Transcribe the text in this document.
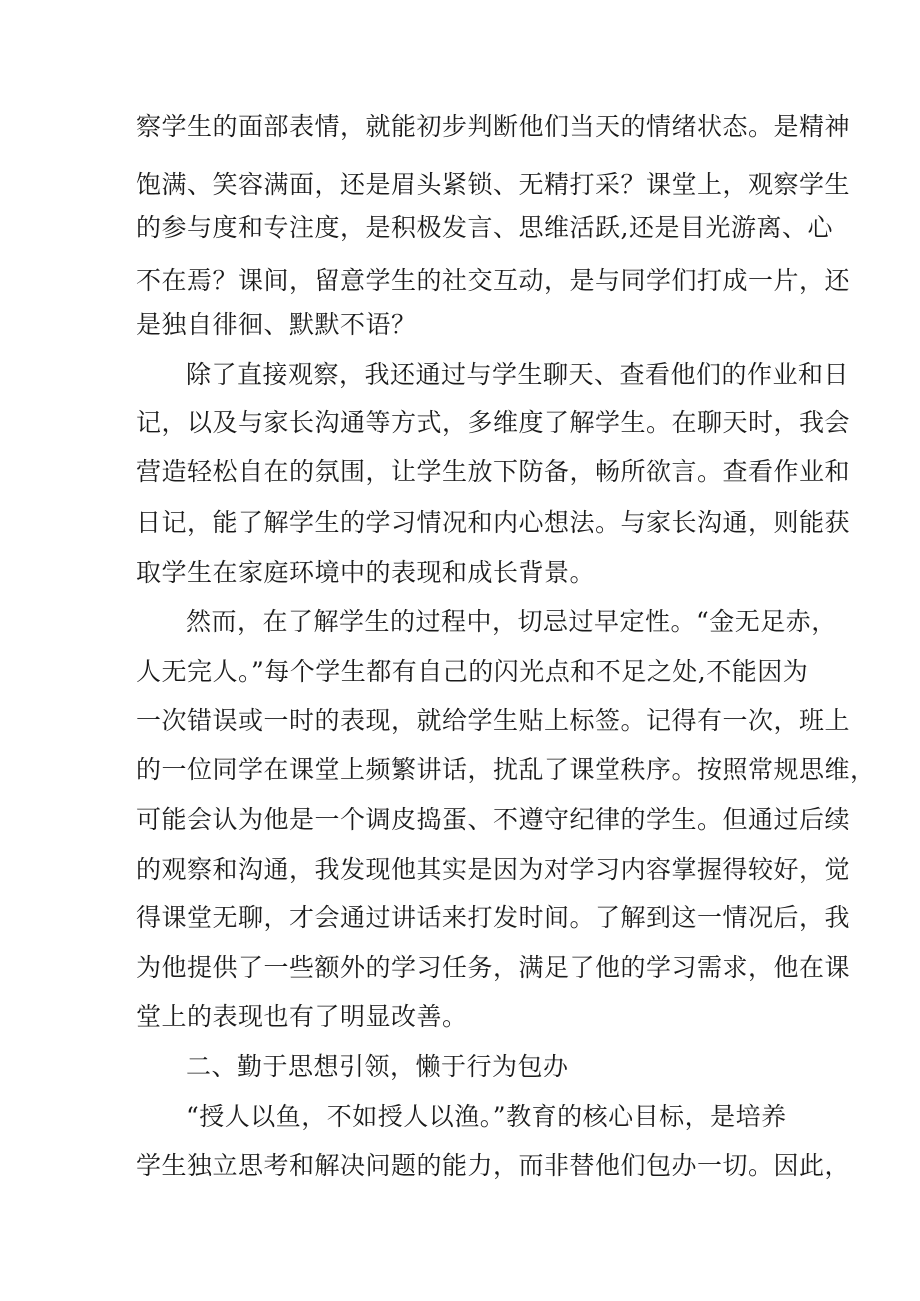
察学生的面部表情，就能初步判断他们当天的情绪状态。是精神
饱满、笑容满面，还是眉头紧锁、无精打采？课堂上，观察学生
的参与度和专注度，是积极发言、思维活跃,还是目光游离、心
不在焉？课间，留意学生的社交互动，是与同学们打成一片，还
是独自徘徊、默默不语？
除了直接观察，我还通过与学生聊天、查看他们的作业和日
记，以及与家长沟通等方式，多维度了解学生。在聊天时，我会
营造轻松自在的氛围，让学生放下防备，畅所欲言。查看作业和
日记，能了解学生的学习情况和内心想法。与家长沟通，则能获
取学生在家庭环境中的表现和成长背景。
然而，在了解学生的过程中，切忌过早定性。“金无足赤，
人无完人。”每个学生都有自己的闪光点和不足之处,不能因为
一次错误或一时的表现，就给学生贴上标签。记得有一次，班上
的一位同学在课堂上频繁讲话，扰乱了课堂秩序。按照常规思维，
可能会认为他是一个调皮捣蛋、不遵守纪律的学生。但通过后续
的观察和沟通，我发现他其实是因为对学习内容掌握得较好，觉
得课堂无聊，才会通过讲话来打发时间。了解到这一情况后，我
为他提供了一些额外的学习任务，满足了他的学习需求，他在课
堂上的表现也有了明显改善。
二、勤于思想引领，懒于行为包办
“授人以鱼，不如授人以渔。”教育的核心目标，是培养
学生独立思考和解决问题的能力，而非替他们包办一切。因此，
